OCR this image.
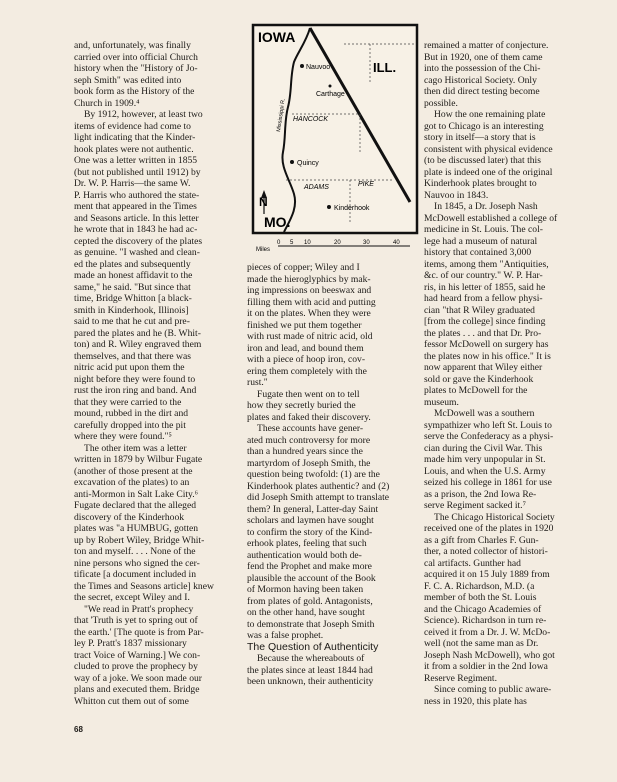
and, unfortunately, was finally
carried over into official Church
history when the "History of Jo-
seph Smith" was edited into
book form as the History of the
Church in 1909.⁴

By 1912, however, at least two
items of evidence had come to
light indicating that the Kinder-
hook plates were not authentic.
One was a letter written in 1855
(but not published until 1912) by
Dr. W. P. Harris—the same W.
P. Harris who authored the state-
ment that appeared in the Times
and Seasons article. In this letter
he wrote that in 1843 he had ac-
cepted the discovery of the plates
as genuine. "I washed and clean-
ed the plates and subsequently
made an honest affidavit to the
same," he said. "But since that
time, Bridge Whitton [a black-
smith in Kinderhook, Illinois]
said to me that he cut and pre-
pared the plates and he (B. Whit-
ton) and R. Wiley engraved them
themselves, and that there was
nitric acid put upon them the
night before they were found to
rust the iron ring and band. And
that they were carried to the
mound, rubbed in the dirt and
carefully dropped into the pit
where they were found."⁵

The other item was a letter
written in 1879 by Wilbur Fugate
(another of those present at the
excavation of the plates) to an
anti-Mormon in Salt Lake City.⁶
Fugate declared that the alleged
discovery of the Kinderhook
plates was "a HUMBUG, gotten
up by Robert Wiley, Bridge Whit-
ton and myself. . . . None of the
nine persons who signed the cer-
tificate [a document included in
the Times and Seasons article] knew
the secret, except Wiley and I.

"We read in Pratt's prophecy
that 'Truth is yet to spring out of
the earth.' [The quote is from Par-
ley P. Pratt's 1837 missionary
tract Voice of Warning.] We con-
cluded to prove the prophecy by
way of a joke. We soon made our
plans and executed them. Bridge
Whitton cut them out of some

IOWA
ILL.
MO.
Nauvoo
Carthage
HANCOCK
Mississippi R.
Quincy
ADAMS	PIKE
Kinderhook
N
Miles
0 5 10	20	30	40

pieces of copper; Wiley and I
made the hieroglyphics by mak-
ing impressions on beeswax and
filling them with acid and putting
it on the plates. When they were
finished we put them together
with rust made of nitric acid, old
iron and lead, and bound them
with a piece of hoop iron, cov-
ering them completely with the
rust."

Fugate then went on to tell
how they secretly buried the
plates and faked their discovery.

These accounts have gener-
ated much controversy for more
than a hundred years since the
martyrdom of Joseph Smith, the
question being twofold: (1) are the
Kinderhook plates authentic? and (2)
did Joseph Smith attempt to translate
them? In general, Latter-day Saint
scholars and laymen have sought
to confirm the story of the Kind-
erhook plates, feeling that such
authentication would both de-
fend the Prophet and make more
plausible the account of the Book
of Mormon having been taken
from plates of gold. Antagonists,
on the other hand, have sought
to demonstrate that Joseph Smith
was a false prophet.

The Question of Authenticity

Because the whereabouts of
the plates since at least 1844 had
been unknown, their authenticity

remained a matter of conjecture.
But in 1920, one of them came
into the possession of the Chi-
cago Historical Society. Only
then did direct testing become
possible.

How the one remaining plate
got to Chicago is an interesting
story in itself—a story that is
consistent with physical evidence
(to be discussed later) that this
plate is indeed one of the original
Kinderhook plates brought to
Nauvoo in 1843.

In 1845, a Dr. Joseph Nash
McDowell established a college of
medicine in St. Louis. The col-
lege had a museum of natural
history that contained 3,000
items, among them "Antiquities,
&c. of our country." W. P. Har-
ris, in his letter of 1855, said he
had heard from a fellow physi-
cian "that R Wiley graduated
[from the college] since finding
the plates . . . and that Dr. Pro-
fessor McDowell on surgery has
the plates now in his office." It is
now apparent that Wiley either
sold or gave the Kinderhook
plates to McDowell for the
museum.

McDowell was a southern
sympathizer who left St. Louis to
serve the Confederacy as a physi-
cian during the Civil War. This
made him very unpopular in St.
Louis, and when the U.S. Army
seized his college in 1861 for use
as a prison, the 2nd Iowa Re-
serve Regiment sacked it.⁷

The Chicago Historical Society
received one of the plates in 1920
as a gift from Charles F. Gun-
ther, a noted collector of histori-
cal artifacts. Gunther had
acquired it on 15 July 1889 from
F. C. A. Richardson, M.D. (a
member of both the St. Louis
and the Chicago Academies of
Science). Richardson in turn re-
ceived it from a Dr. J. W. McDo-
well (not the same man as Dr.
Joseph Nash McDowell), who got
it from a soldier in the 2nd Iowa
Reserve Regiment.

Since coming to public aware-
ness in 1920, this plate has

68
